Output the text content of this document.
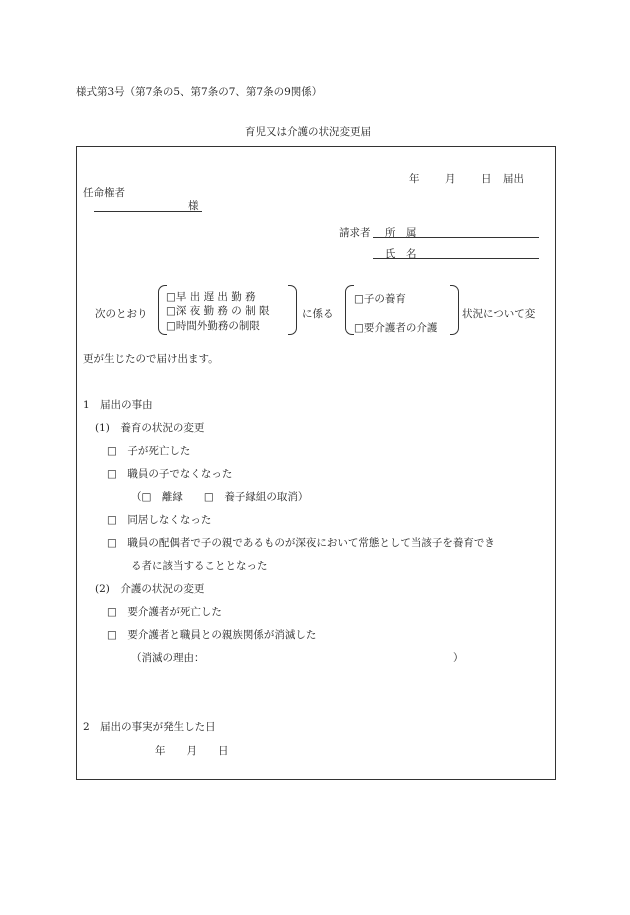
様式第3号（第7条の5、第7条の7、第7条の9関係）
育児又は介護の状況変更届
年 月 日 届出
任命権者
様
請求者 所　属
氏　名
次のとおり
□早 出 遅 出 勤 務
□深 夜 勤 務 の 制 限
□時間外勤務の制限
に係る
□子の養育
□要介護者の介護
状況について変
更が生じたので届け出ます。
1　届出の事由
(1)　養育の状況の変更
□　子が死亡した
□　職員の子でなくなった
（□　離縁　　□　養子縁組の取消）
□　同居しなくなった
□　職員の配偶者で子の親であるものが深夜において常態として当該子を養育でき
る者に該当することとなった
(2)　介護の状況の変更
□　要介護者が死亡した
□　要介護者と職員との親族関係が消滅した
（消滅の理由：	）
2　届出の事実が発生した日
年　　月　　日
